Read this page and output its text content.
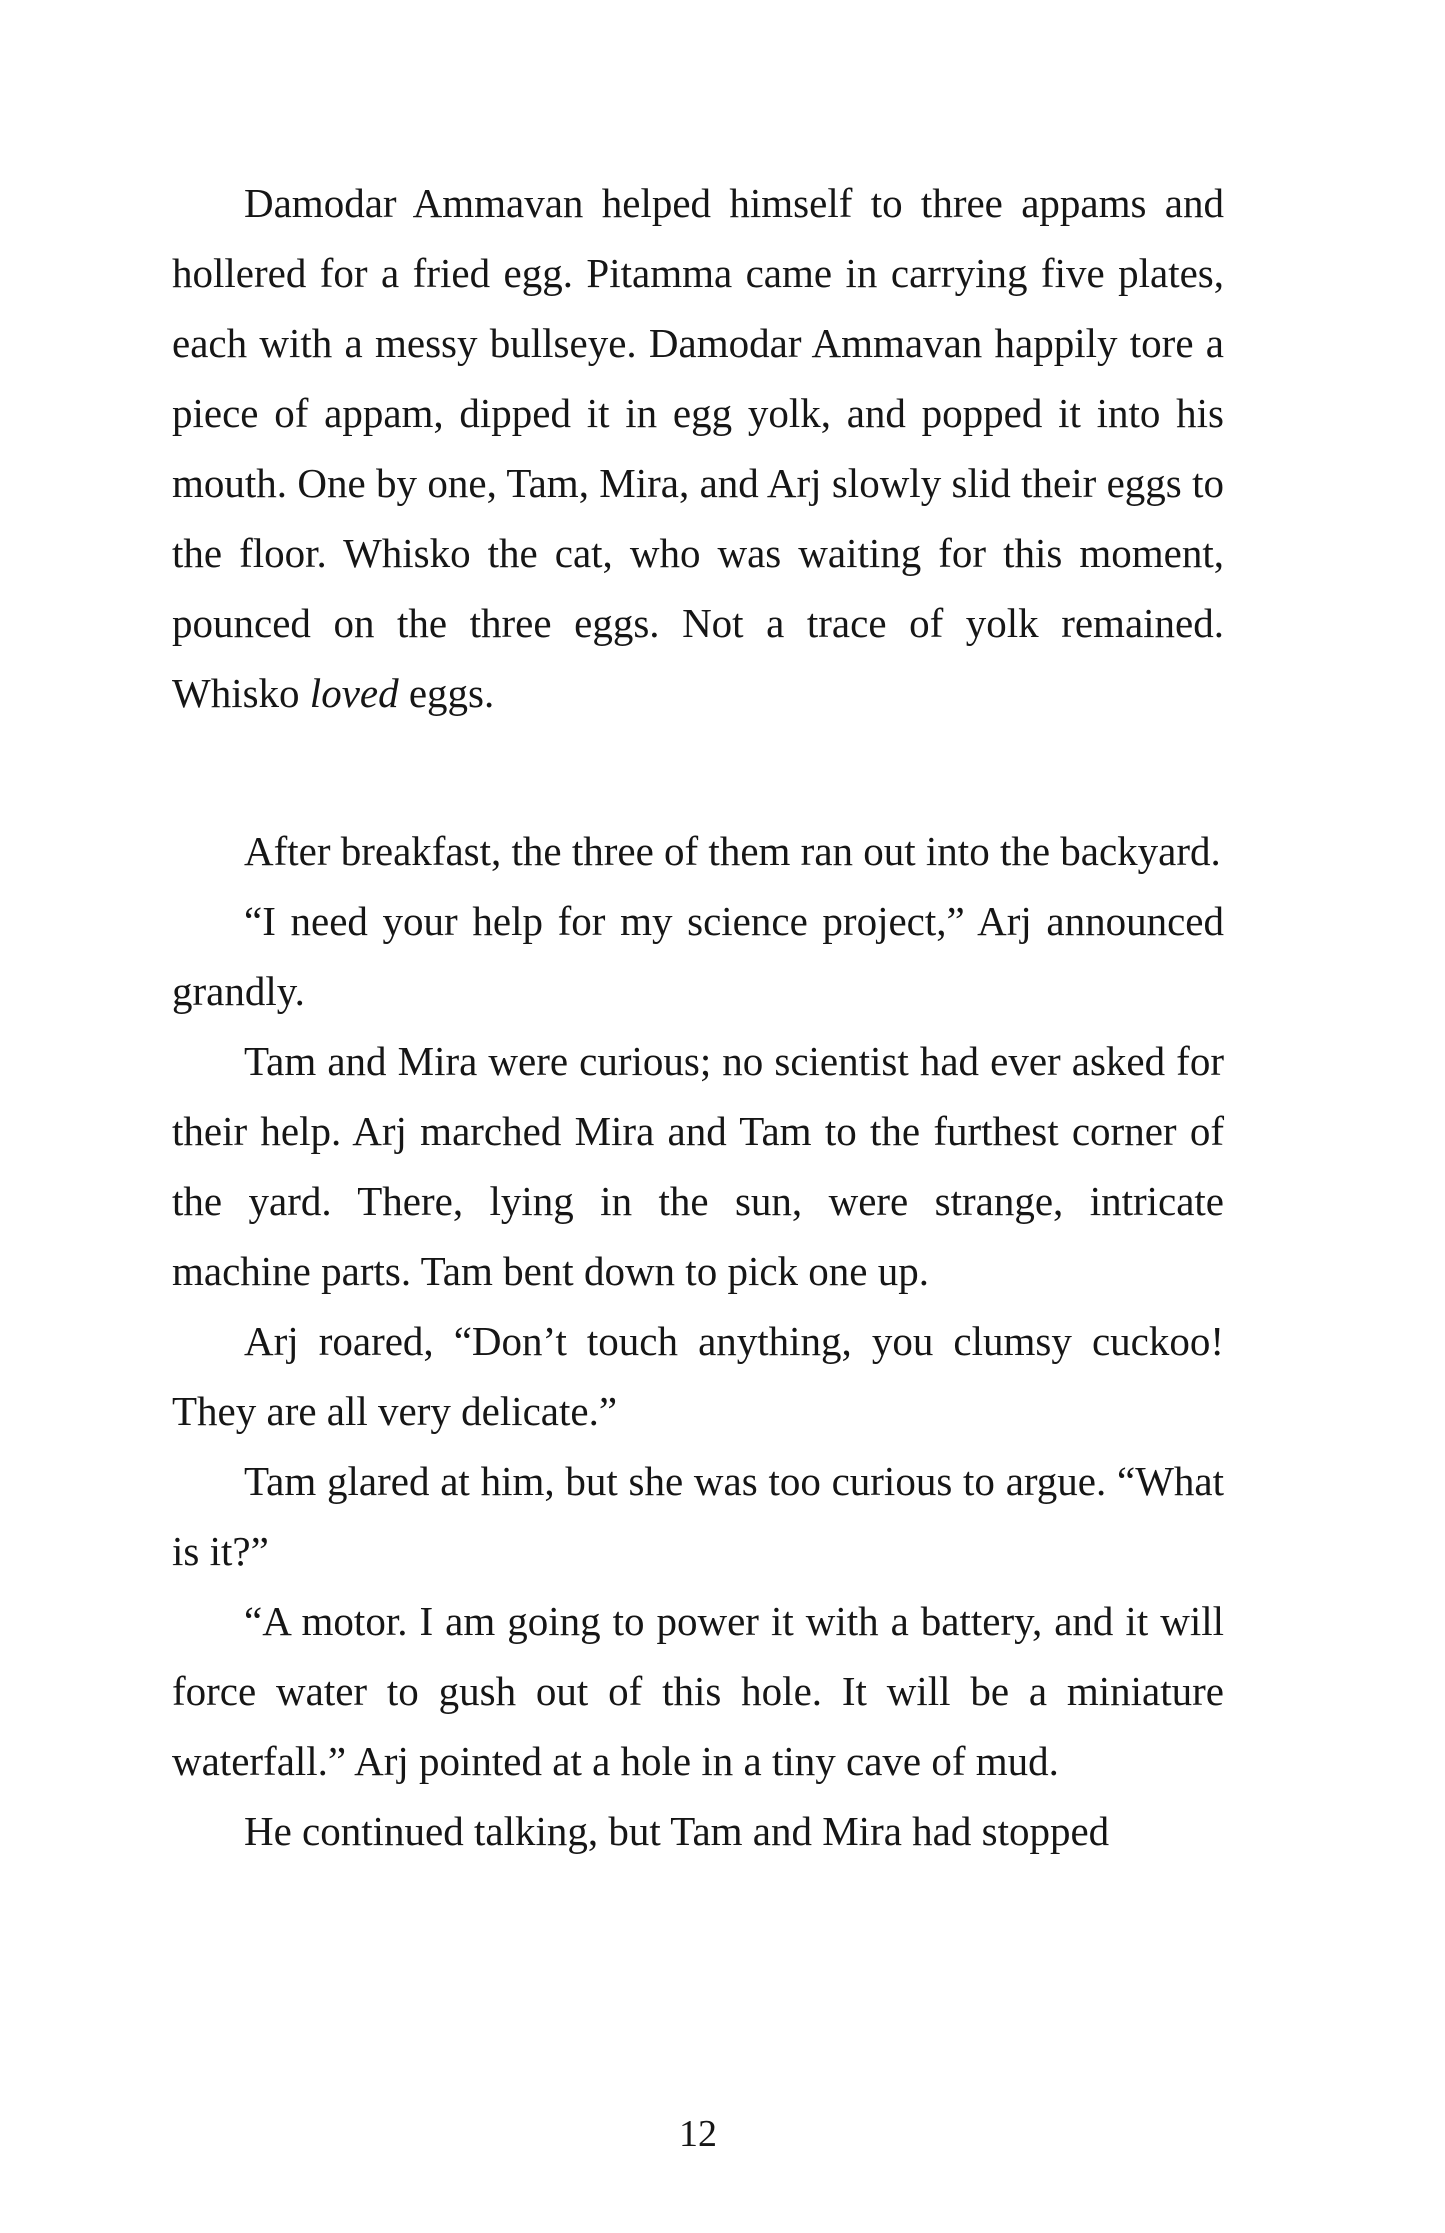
Damodar Ammavan helped himself to three appams and hollered for a fried egg. Pitamma came in carrying five plates, each with a messy bullseye. Damodar Ammavan happily tore a piece of appam, dipped it in egg yolk, and popped it into his mouth. One by one, Tam, Mira, and Arj slowly slid their eggs to the floor. Whisko the cat, who was waiting for this moment, pounced on the three eggs. Not a trace of yolk remained. Whisko loved eggs.

After breakfast, the three of them ran out into the backyard.

“I need your help for my science project,” Arj announced grandly.

Tam and Mira were curious; no scientist had ever asked for their help. Arj marched Mira and Tam to the furthest corner of the yard. There, lying in the sun, were strange, intricate machine parts. Tam bent down to pick one up.

Arj roared, “Don’t touch anything, you clumsy cuckoo! They are all very delicate.”

Tam glared at him, but she was too curious to argue. “What is it?”

“A motor. I am going to power it with a battery, and it will force water to gush out of this hole. It will be a miniature waterfall.” Arj pointed at a hole in a tiny cave of mud.

He continued talking, but Tam and Mira had stopped

12
